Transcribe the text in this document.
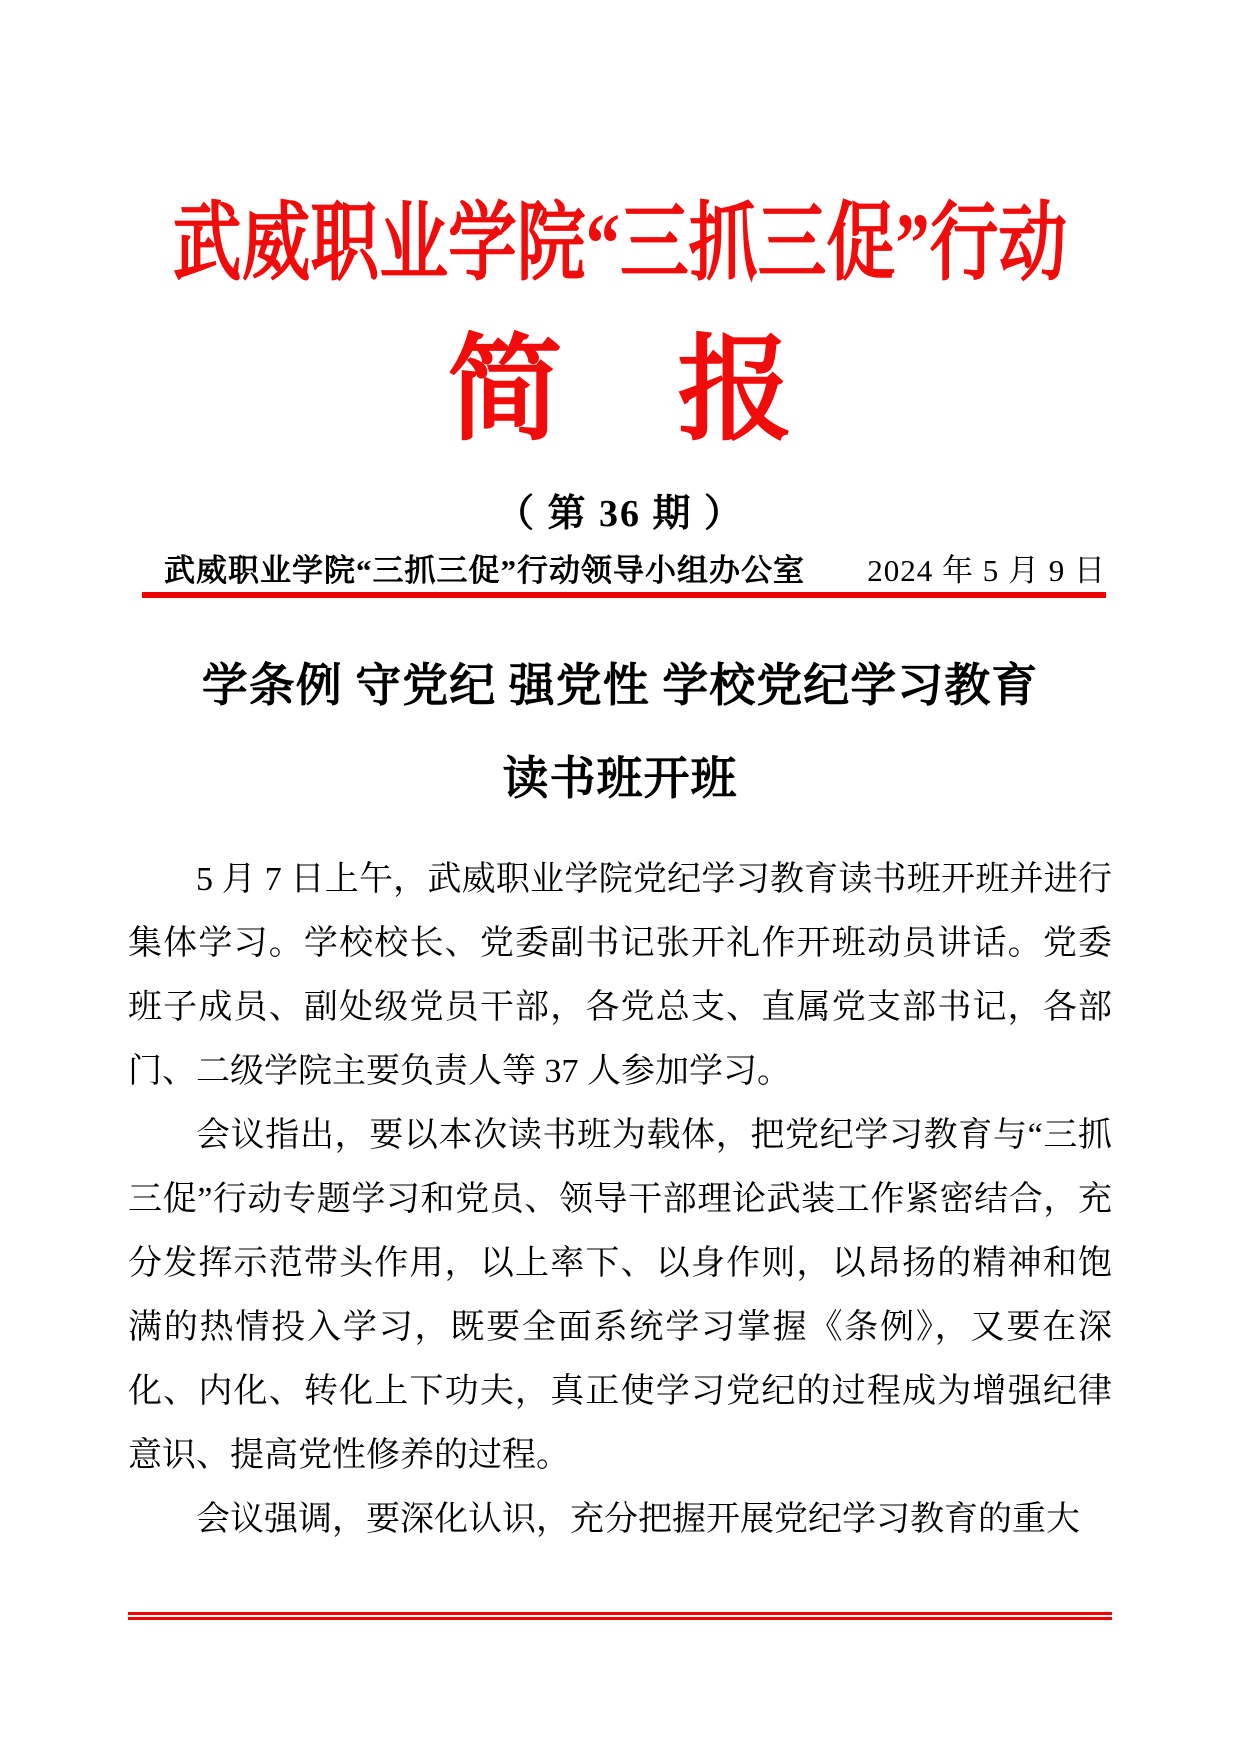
武威职业学院“三抓三促”行动
简　报
（ 第 36 期 ）
武威职业学院“三抓三促”行动领导小组办公室 2024 年 5 月 9 日
学条例 守党纪 强党性 学校党纪学习教育
读书班开班

5 月 7 日上午，武威职业学院党纪学习教育读书班开班并进行集体学习。学校校长、党委副书记张开礼作开班动员讲话。党委班子成员、副处级党员干部，各党总支、直属党支部书记，各部门、二级学院主要负责人等 37 人参加学习。

会议指出，要以本次读书班为载体，把党纪学习教育与“三抓三促”行动专题学习和党员、领导干部理论武装工作紧密结合，充分发挥示范带头作用，以上率下、以身作则，以昂扬的精神和饱满的热情投入学习，既要全面系统学习掌握《条例》，又要在深化、内化、转化上下功夫，真正使学习党纪的过程成为增强纪律意识、提高党性修养的过程。

会议强调，要深化认识，充分把握开展党纪学习教育的重大
